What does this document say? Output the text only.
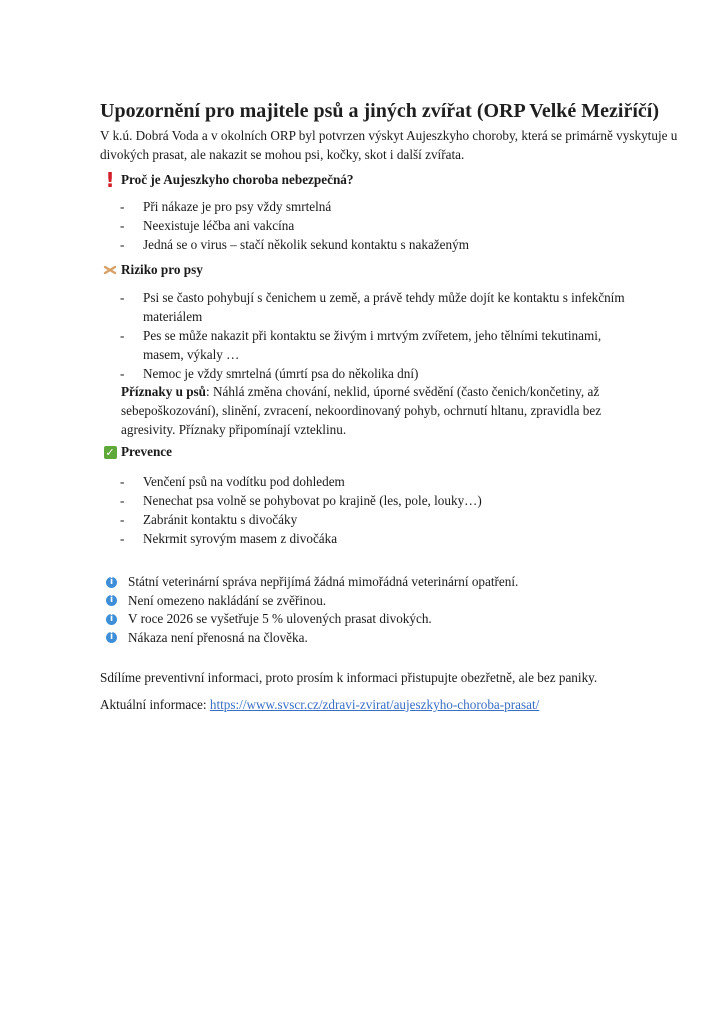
Upozornění pro majitele psů a jiných zvířat (ORP Velké Meziříčí)
V k.ú. Dobrá Voda a v okolních ORP byl potvrzen výskyt Aujeszkyho choroby, která se primárně vyskytuje u divokých prasat, ale nakazit se mohou psi, kočky, skot i další zvířata.
! Proč je Aujeszkyho choroba nebezpečná?
- Při nákaze je pro psy vždy smrtelná
- Neexistuje léčba ani vakcína
- Jedná se o virus – stačí několik sekund kontaktu s nakaženým
Riziko pro psy
- Psi se často pohybují s čenichem u země, a právě tehdy může dojít ke kontaktu s infekčním materiálem
- Pes se může nakazit při kontaktu se živým i mrtvým zvířetem, jeho tělními tekutinami, masem, výkaly …
- Nemoc je vždy smrtelná (úmrtí psa do několika dní)
Příznaky u psů: Náhlá změna chování, neklid, úporné svědění (často čenich/končetiny, až sebepoškozování), slinění, zvracení, nekoordinovaný pohyb, ochrnutí hltanu, zpravidla bez agresivity. Příznaky připomínají vzteklinu.
✓ Prevence
- Venčení psů na vodítku pod dohledem
- Nenechat psa volně se pohybovat po krajině (les, pole, louky…)
- Zabránit kontaktu s divočáky
- Nekrmit syrovým masem z divočáka
i Státní veterinární správa nepřijímá žádná mimořádná veterinární opatření.
i Není omezeno nakládání se zvěřinou.
i V roce 2026 se vyšetřuje 5 % ulovených prasat divokých.
i Nákaza není přenosná na člověka.
Sdílíme preventivní informaci, proto prosím k informaci přistupujte obezřetně, ale bez paniky.
Aktuální informace: https://www.svscr.cz/zdravi-zvirat/aujeszkyho-choroba-prasat/
